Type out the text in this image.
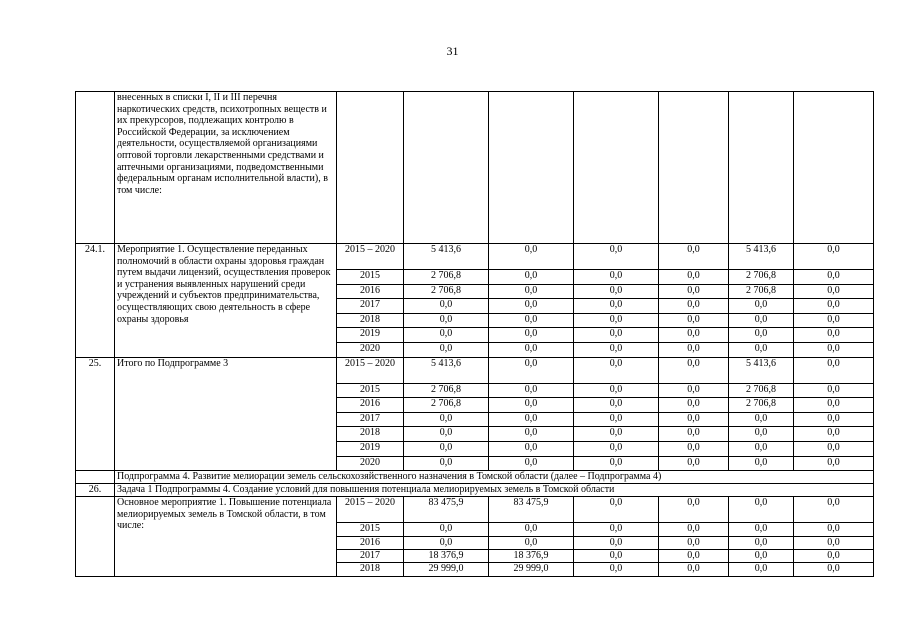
31
	внесенных в списки I, II и III перечня наркотических средств, психотропных веществ и их прекурсоров, подлежащих контролю в Российской Федерации, за исключением деятельности, осуществляемой организациями оптовой торговли лекарственными средствами и аптечными организациями, подведомственными федеральным органам исполнительной власти), в том числе:							
24.1.	Мероприятие 1. Осуществление переданных полномочий в области охраны здоровья граждан путем выдачи лицензий, осуществления проверок и устранения выявленных нарушений среди учреждений и субъектов предпринимательства, осуществляющих свою деятельность в сфере охраны здоровья	2015 – 2020	5 413,6	0,0	0,0	0,0	5 413,6	0,0
		2015	2 706,8	0,0	0,0	0,0	2 706,8	0,0
		2016	2 706,8	0,0	0,0	0,0	2 706,8	0,0
		2017	0,0	0,0	0,0	0,0	0,0	0,0
		2018	0,0	0,0	0,0	0,0	0,0	0,0
		2019	0,0	0,0	0,0	0,0	0,0	0,0
		2020	0,0	0,0	0,0	0,0	0,0	0,0
25.	Итого по Подпрограмме 3	2015 – 2020	5 413,6	0,0	0,0	0,0	5 413,6	0,0
		2015	2 706,8	0,0	0,0	0,0	2 706,8	0,0
		2016	2 706,8	0,0	0,0	0,0	2 706,8	0,0
		2017	0,0	0,0	0,0	0,0	0,0	0,0
		2018	0,0	0,0	0,0	0,0	0,0	0,0
		2019	0,0	0,0	0,0	0,0	0,0	0,0
		2020	0,0	0,0	0,0	0,0	0,0	0,0
	Подпрограмма 4. Развитие мелиорации земель сельскохозяйственного назначения в Томской области (далее – Подпрограмма 4)							
26.	Задача 1 Подпрограммы 4. Создание условий для повышения потенциала мелиорируемых земель в Томской области							
	Основное мероприятие 1. Повышение потенциала мелиорируемых земель в Томской области, в том числе:	2015 – 2020	83 475,9	83 475,9	0,0	0,0	0,0	0,0
		2015	0,0	0,0	0,0	0,0	0,0	0,0
		2016	0,0	0,0	0,0	0,0	0,0	0,0
		2017	18 376,9	18 376,9	0,0	0,0	0,0	0,0
		2018	29 999,0	29 999,0	0,0	0,0	0,0	0,0
